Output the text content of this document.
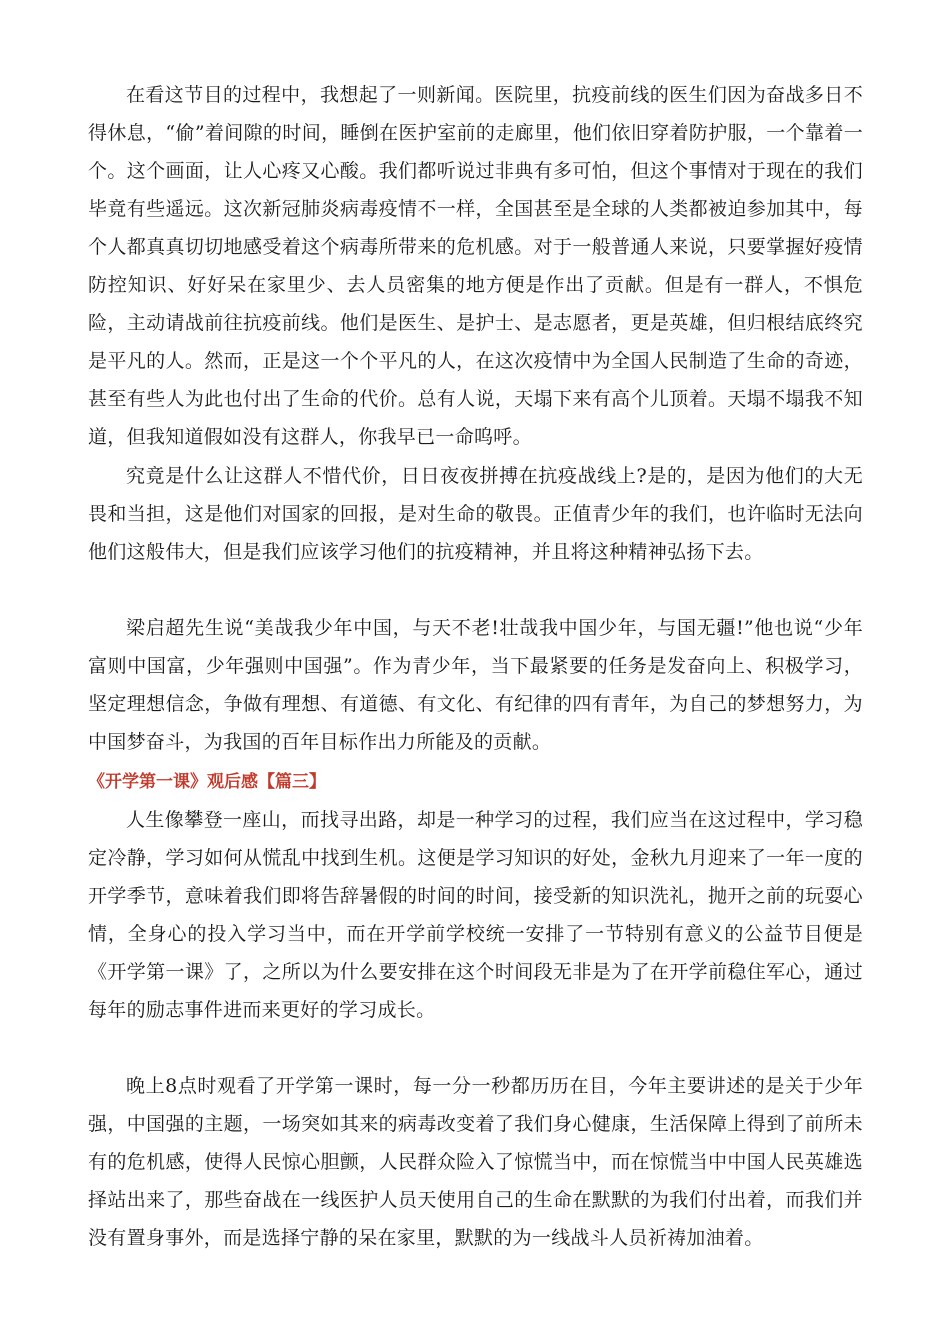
在看这节目的过程中，我想起了一则新闻。医院里，抗疫前线的医生们因为奋战多日不得休息，“偷”着间隙的时间，睡倒在医护室前的走廊里，他们依旧穿着防护服，一个靠着一个。这个画面，让人心疼又心酸。我们都听说过非典有多可怕，但这个事情对于现在的我们毕竟有些遥远。这次新冠肺炎病毒疫情不一样，全国甚至是全球的人类都被迫参加其中，每个人都真真切切地感受着这个病毒所带来的危机感。对于一般普通人来说，只要掌握好疫情防控知识、好好呆在家里少、去人员密集的地方便是作出了贡献。但是有一群人，不惧危险，主动请战前往抗疫前线。他们是医生、是护士、是志愿者，更是英雄，但归根结底终究是平凡的人。然而，正是这一个个平凡的人，在这次疫情中为全国人民制造了生命的奇迹，甚至有些人为此也付出了生命的代价。总有人说，天塌下来有高个儿顶着。天塌不塌我不知道，但我知道假如没有这群人，你我早已一命呜呼。

究竟是什么让这群人不惜代价，日日夜夜拼搏在抗疫战线上?是的，是因为他们的大无畏和当担，这是他们对国家的回报，是对生命的敬畏。正值青少年的我们，也许临时无法向他们这般伟大，但是我们应该学习他们的抗疫精神，并且将这种精神弘扬下去。

梁启超先生说“美哉我少年中国，与天不老!壮哉我中国少年，与国无疆!”他也说“少年富则中国富，少年强则中国强”。作为青少年，当下最紧要的任务是发奋向上、积极学习，坚定理想信念，争做有理想、有道德、有文化、有纪律的四有青年，为自己的梦想努力，为中国梦奋斗，为我国的百年目标作出力所能及的贡献。

《开学第一课》观后感【篇三】

人生像攀登一座山，而找寻出路，却是一种学习的过程，我们应当在这过程中，学习稳定冷静，学习如何从慌乱中找到生机。这便是学习知识的好处，金秋九月迎来了一年一度的开学季节，意味着我们即将告辞暑假的时间的时间，接受新的知识洗礼，抛开之前的玩耍心情，全身心的投入学习当中，而在开学前学校统一安排了一节特别有意义的公益节目便是《开学第一课》了，之所以为什么要安排在这个时间段无非是为了在开学前稳住军心，通过每年的励志事件进而来更好的学习成长。

晚上8点时观看了开学第一课时，每一分一秒都历历在目，今年主要讲述的是关于少年强，中国强的主题，一场突如其来的病毒改变着了我们身心健康，生活保障上得到了前所未有的危机感，使得人民惊心胆颤，人民群众险入了惊慌当中，而在惊慌当中中国人民英雄选择站出来了，那些奋战在一线医护人员天使用自己的生命在默默的为我们付出着，而我们并没有置身事外，而是选择宁静的呆在家里，默默的为一线战斗人员祈祷加油着。
